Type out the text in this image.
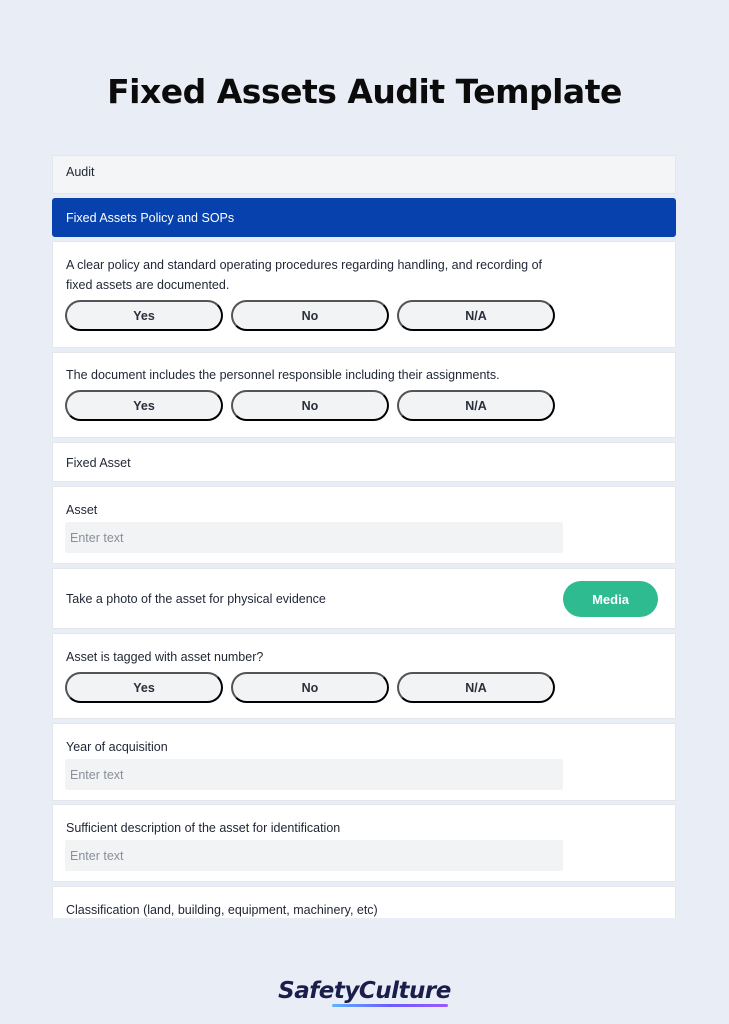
Fixed Assets Audit Template
Audit
Fixed Assets Policy and SOPs
A clear policy and standard operating procedures regarding handling, and recording of
fixed assets are documented.
Yes	No	N/A
The document includes the personnel responsible including their assignments.
Yes	No	N/A
Fixed Asset
Asset
Enter text
Take a photo of the asset for physical evidence	Media
Asset is tagged with asset number?
Yes	No	N/A
Year of acquisition
Enter text
Sufficient description of the asset for identification
Enter text
Classification (land, building, equipment, machinery, etc)
SafetyCulture
